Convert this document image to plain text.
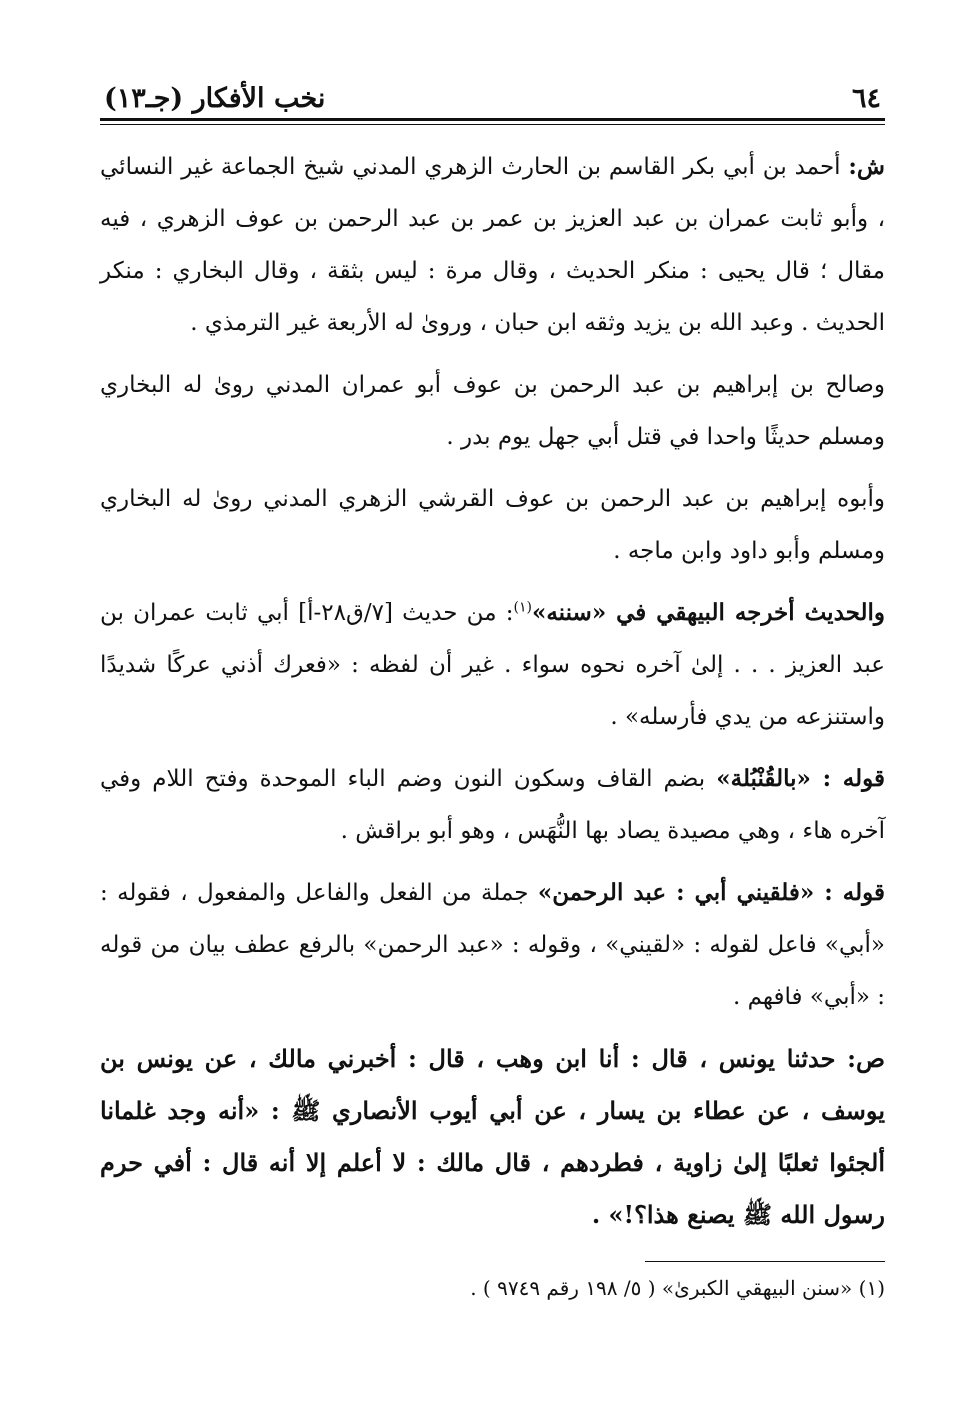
٦٤
نخب الأفكار (جـ١٣)

ش: أحمد بن أبي بكر القاسم بن الحارث الزهري المدني شيخ الجماعة غير النسائي ، وأبو ثابت عمران بن عبد العزيز بن عمر بن عبد الرحمن بن عوف الزهري ، فيه مقال ؛ قال يحيى : منكر الحديث ، وقال مرة : ليس بثقة ، وقال البخاري : منكر الحديث . وعبد الله بن يزيد وثقه ابن حبان ، وروىٰ له الأربعة غير الترمذي .

وصالح بن إبراهيم بن عبد الرحمن بن عوف أبو عمران المدني روىٰ له البخاري ومسلم حديثًا واحدا في قتل أبي جهل يوم بدر .

وأبوه إبراهيم بن عبد الرحمن بن عوف القرشي الزهري المدني روىٰ له البخاري ومسلم وأبو داود وابن ماجه .

والحديث أخرجه البيهقي في «سننه»$^{(١)}$: من حديث [٧/ق٢٨-أ] أبي ثابت عمران بن عبد العزيز . . . إلىٰ آخره نحوه سواء . غير أن لفظه : «فعرك أذني عركًا شديدًا واستنزعه من يدي فأرسله» .

قوله : «بالقُنْبُلة» بضم القاف وسكون النون وضم الباء الموحدة وفتح اللام وفي آخره هاء ، وهي مصيدة يصاد بها النُّهَس ، وهو أبو براقش .

قوله : «فلقيني أبي : عبد الرحمن» جملة من الفعل والفاعل والمفعول ، فقوله : «أبي» فاعل لقوله : «لقيني» ، وقوله : «عبد الرحمن» بالرفع عطف بيان من قوله : «أبي» فافهم .

ص: حدثنا يونس ، قال : أنا ابن وهب ، قال : أخبرني مالك ، عن يونس بن يوسف ، عن عطاء بن يسار ، عن أبي أيوب الأنصاري ﷺ : «أنه وجد غلمانا ألجئوا ثعلبًا إلىٰ زاوية ، فطردهم ، قال مالك : لا أعلم إلا أنه قال : أفي حرم رسول الله ﷺ يصنع هذا؟!» .

(١) «سنن البيهقي الكبرىٰ» ( ٥/ ١٩٨ رقم ٩٧٤٩ ) .
